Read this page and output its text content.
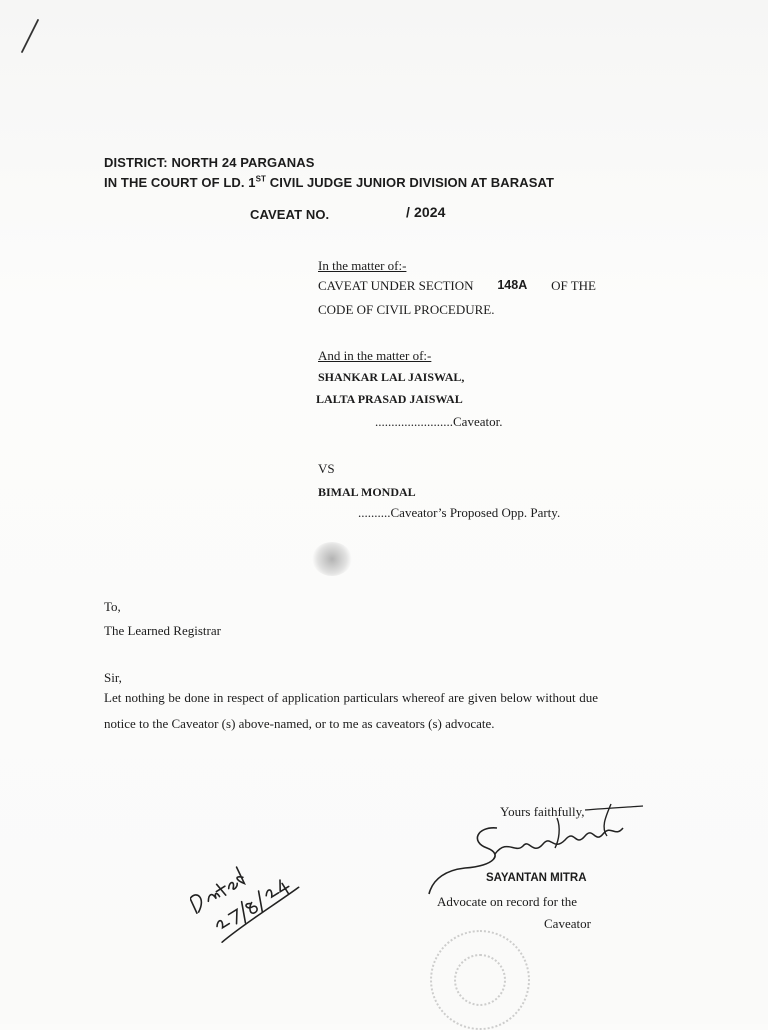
DISTRICT: NORTH 24 PARGANAS
IN THE COURT OF LD. 1ST CIVIL JUDGE JUNIOR DIVISION AT BARASAT
CAVEAT NO.	/ 2024
In the matter of:-
CAVEAT UNDER SECTION 148A OF THE
CODE OF CIVIL PROCEDURE.
And in the matter of:-
SHANKAR LAL JAISWAL,
LALTA PRASAD JAISWAL
........................Caveator.
VS
BIMAL MONDAL
..........Caveator’s Proposed Opp. Party.
To,
The Learned Registrar
Sir,
Let nothing be done in respect of application particulars whereof are given below without due notice to the Caveator (s) above-named, or to me as caveators (s) advocate.
Yours faithfully,
SAYANTAN MITRA
Advocate on record for the
Caveator
